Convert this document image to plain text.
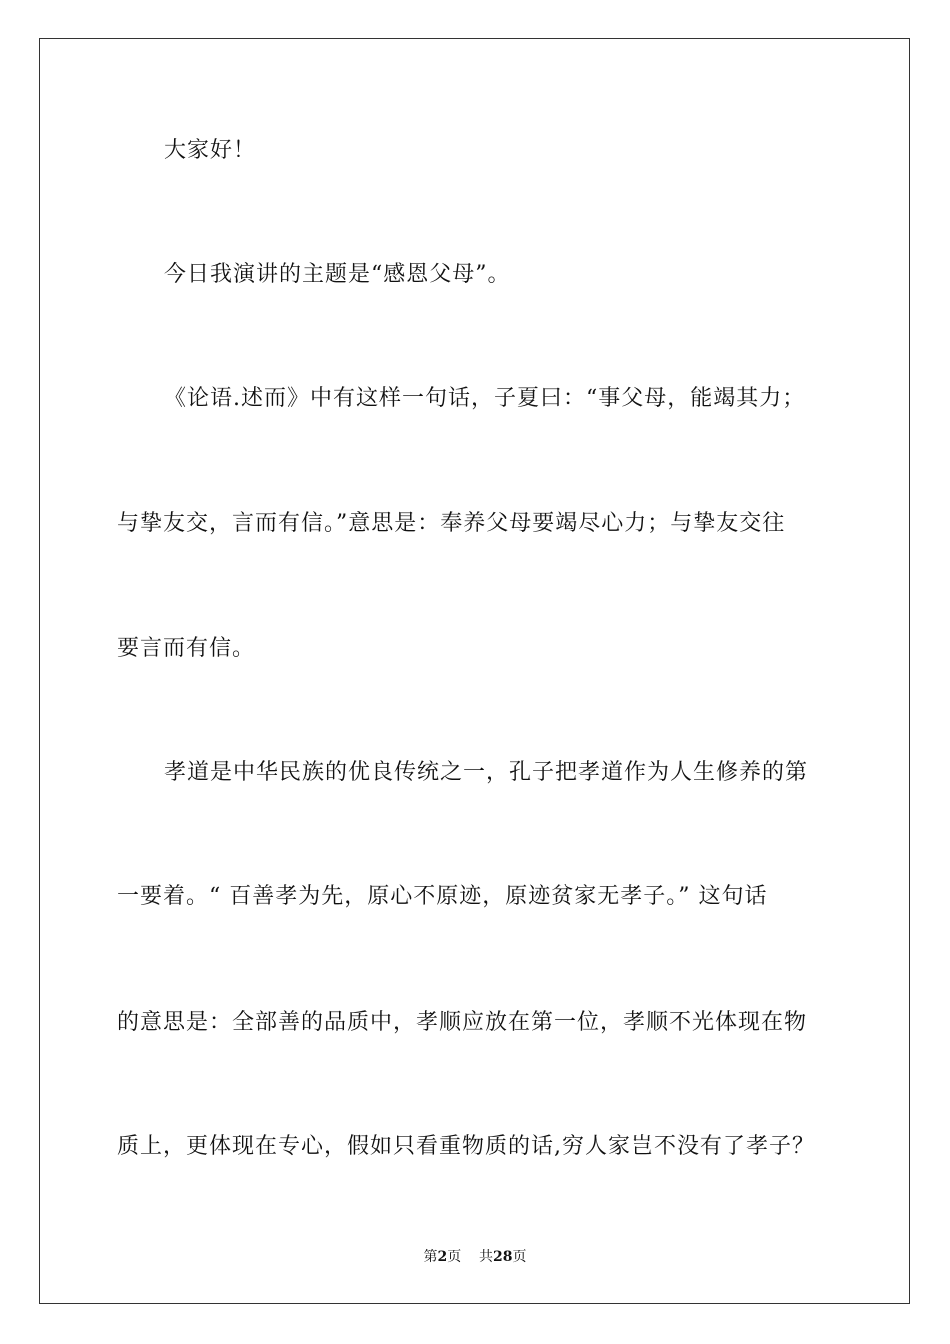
大家好！
今日我演讲的主题是“感恩父母”。
《论语.述而》中有这样一句话，子夏曰：“事父母，能竭其力；
与挚友交，言而有信。”意思是：奉养父母要竭尽心力；与挚友交往
要言而有信。
孝道是中华民族的优良传统之一，孔子把孝道作为人生修养的第
一要着。“ 百善孝为先，原心不原迹，原迹贫家无孝子。” 这句话
的意思是：全部善的品质中，孝顺应放在第一位，孝顺不光体现在物
质上，更体现在专心，假如只看重物质的话,穷人家岂不没有了孝子？
第2页 共28页
